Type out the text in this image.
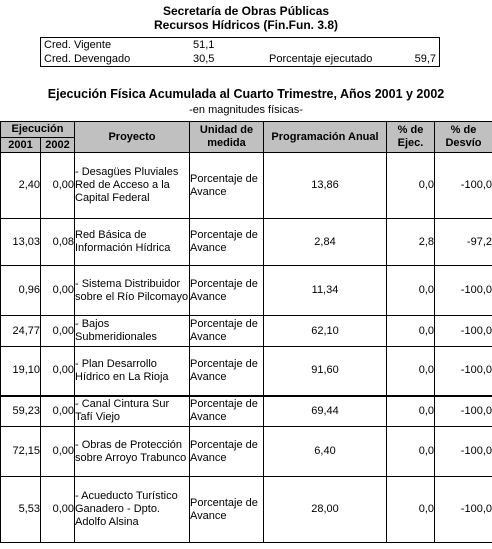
Secretaría de Obras Públicas
Recursos Hídricos (Fin.Fun. 3.8)
Cred. Vigente	51,1
Cred. Devengado	30,5	Porcentaje ejecutado	59,7
Ejecución Física Acumulada al Cuarto Trimestre, Años 2001 y 2002
-en magnitudes físicas-
Ejecución		Proyecto	Unidad de medida	Programación Anual	% de Ejec.	% de Desvío
2001	2002					
2,40	0,00	- Desagües Pluviales Red de Acceso a la Capital Federal	Porcentaje de Avance	13,86	0,0	-100,0
13,03	0,08	Red Básica de Información Hídrica	Porcentaje de Avance	2,84	2,8	-97,2
0,96	0,00	- Sistema Distribuidor sobre el Río Pilcomayo	Porcentaje de Avance	11,34	0,0	-100,0
24,77	0,00	- Bajos Submeridionales	Porcentaje de Avance	62,10	0,0	-100,0
19,10	0,00	- Plan Desarrollo Hídrico en La Rioja	Porcentaje de Avance	91,60	0,0	-100,0
59,23	0,00	- Canal Cintura Sur Tafí Viejo	Porcentaje de Avance	69,44	0,0	-100,0
72,15	0,00	- Obras de Protección sobre Arroyo Trabunco	Porcentaje de Avance	6,40	0,0	-100,0
5,53	0,00	- Acueducto Turístico Ganadero - Dpto. Adolfo Alsina	Porcentaje de Avance	28,00	0,0	-100,0
